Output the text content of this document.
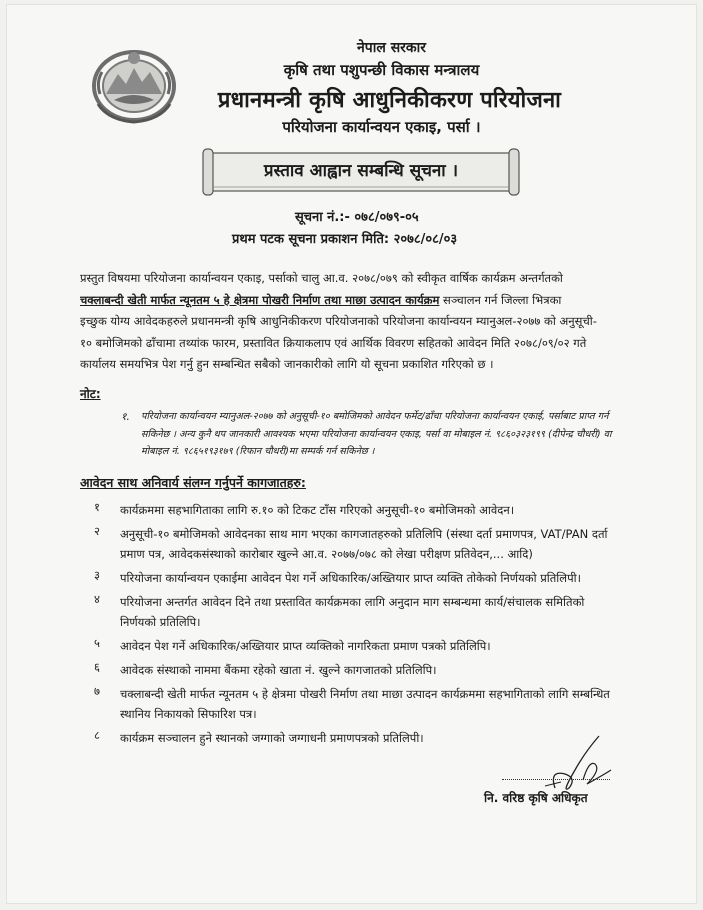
नेपाल सरकार
कृषि तथा पशुपन्छी विकास मन्त्रालय
प्रधानमन्त्री कृषि आधुनिकीकरण परियोजना
परियोजना कार्यान्वयन एकाइ, पर्सा ।
प्रस्ताव आह्वान सम्बन्धि सूचना ।
सूचना नं.:- ०७८/०७९-०५
प्रथम पटक सूचना प्रकाशन मिति: २०७८/०८/०३
प्रस्तुत विषयमा परियोजना कार्यान्वयन एकाइ, पर्साको चालु आ.व. २०७८/०७९ को स्वीकृत वार्षिक कार्यक्रम अन्तर्गतको
चक्लाबन्दी खेती मार्फत न्यूनतम ५ हे क्षेत्रमा पोखरी निर्माण तथा माछा उत्पादन कार्यक्रम सञ्चालन गर्न जिल्ला भित्रका
इच्छुक योग्य आवेदकहरुले प्रधानमन्त्री कृषि आधुनिकीकरण परियोजनाको परियोजना कार्यान्वयन म्यानुअल-२०७७ को अनुसूची-
१० बमोजिमको ढाँचामा तथ्यांक फारम, प्रस्तावित क्रियाकलाप एवं आर्थिक विवरण सहितको आवेदन मिति २०७८/०९/०२ गते
कार्यालय समयभित्र पेश गर्नु हुन सम्बन्धित सबैको जानकारीको लागि यो सूचना प्रकाशित गरिएको छ ।
नोट:
१. परियोजना कार्यान्वयन म्यानुअल-२०७७ को अनुसूची-१० बमोजिमको आवेदन फर्मेट/ढाँचा परियोजना कार्यान्वयन एकाई, पर्साबाट प्राप्त गर्न
सकिनेछ । अन्य कुनै थप जानकारी आवश्यक भएमा परियोजना कार्यान्वयन एकाइ, पर्सा वा मोबाइल नं. ९८६०३२३१९९ (दीपेन्द्र चौधरी) वा
मोबाइल नं. ९८६५१९३१७९ (रिफान चौधरी)मा सम्पर्क गर्न सकिनेछ ।
आवेदन साथ अनिवार्य संलग्न गर्नुपर्ने कागजातहरु:
१	कार्यक्रममा सहभागिताका लागि रु.१० को टिकट टाँस गरिएको अनुसूची-१० बमोजिमको आवेदन।
२	अनुसूची-१० बमोजिमको आवेदनका साथ माग भएका कागजातहरुको प्रतिलिपि (संस्था दर्ता प्रमाणपत्र, VAT/PAN दर्ता
प्रमाण पत्र, आवेदकसंस्थाको कारोबार खुल्ने आ.व. २०७७/०७८ को लेखा परीक्षण प्रतिवेदन,... आदि)
३	परियोजना कार्यान्वयन एकाईमा आवेदन पेश गर्ने अधिकारिक/अख्तियार प्राप्त व्यक्ति तोकेको निर्णयको प्रतिलिपी।
४	परियोजना अन्तर्गत आवेदन दिने तथा प्रस्तावित कार्यक्रमका लागि अनुदान माग सम्बन्धमा कार्य/संचालक समितिको
निर्णयको प्रतिलिपि।
५	आवेदन पेश गर्ने अधिकारिक/अख्तियार प्राप्त व्यक्तिको नागरिकता प्रमाण पत्रको प्रतिलिपि।
६	आवेदक संस्थाको नाममा बैंकमा रहेको खाता नं. खुल्ने कागजातको प्रतिलिपि।
७	चक्लाबन्दी खेती मार्फत न्यूनतम ५ हे क्षेत्रमा पोखरी निर्माण तथा माछा उत्पादन कार्यक्रममा सहभागिताको लागि सम्बन्धित
स्थानिय निकायको सिफारिश पत्र।
८	कार्यक्रम सञ्चालन हुने स्थानको जग्गाको जग्गाधनी प्रमाणपत्रको प्रतिलिपी।
नि. वरिष्ठ कृषि अधिकृत
